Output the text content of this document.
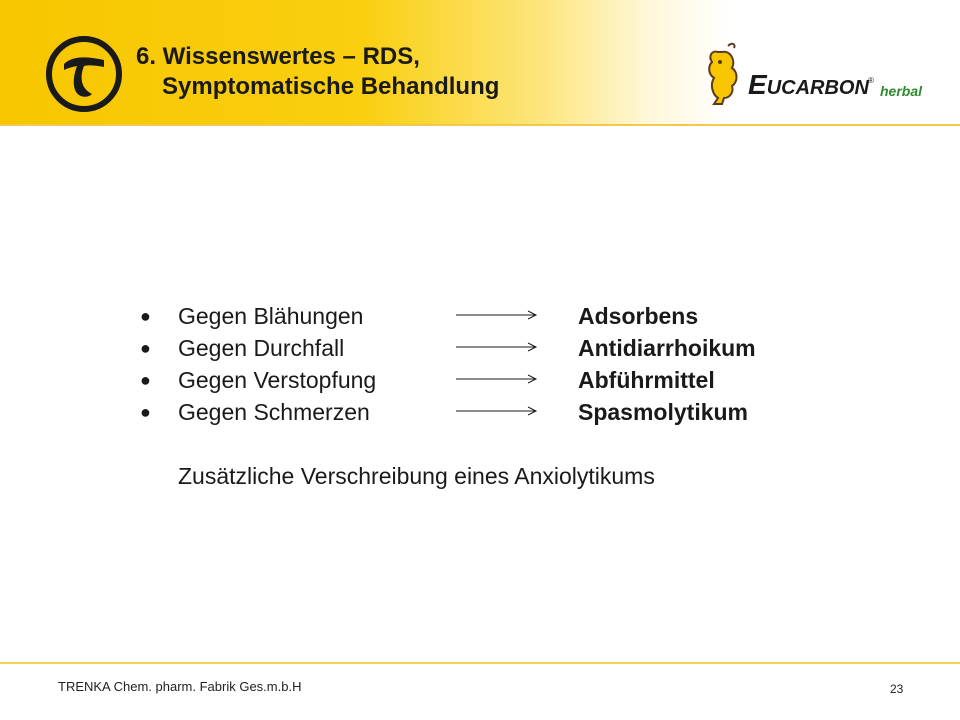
6. Wissenswertes – RDS,
Symptomatische Behandlung	EUCARBON ®
herbal
●	Gegen Blähungen	Adsorbens
●	Gegen Durchfall	Antidiarrhoikum
●	Gegen Verstopfung	Abführmittel
●	Gegen Schmerzen	Spasmolytikum
Zusätzliche Verschreibung eines Anxiolytikums
TRENKA Chem. pharm. Fabrik Ges.m.b.H	23
